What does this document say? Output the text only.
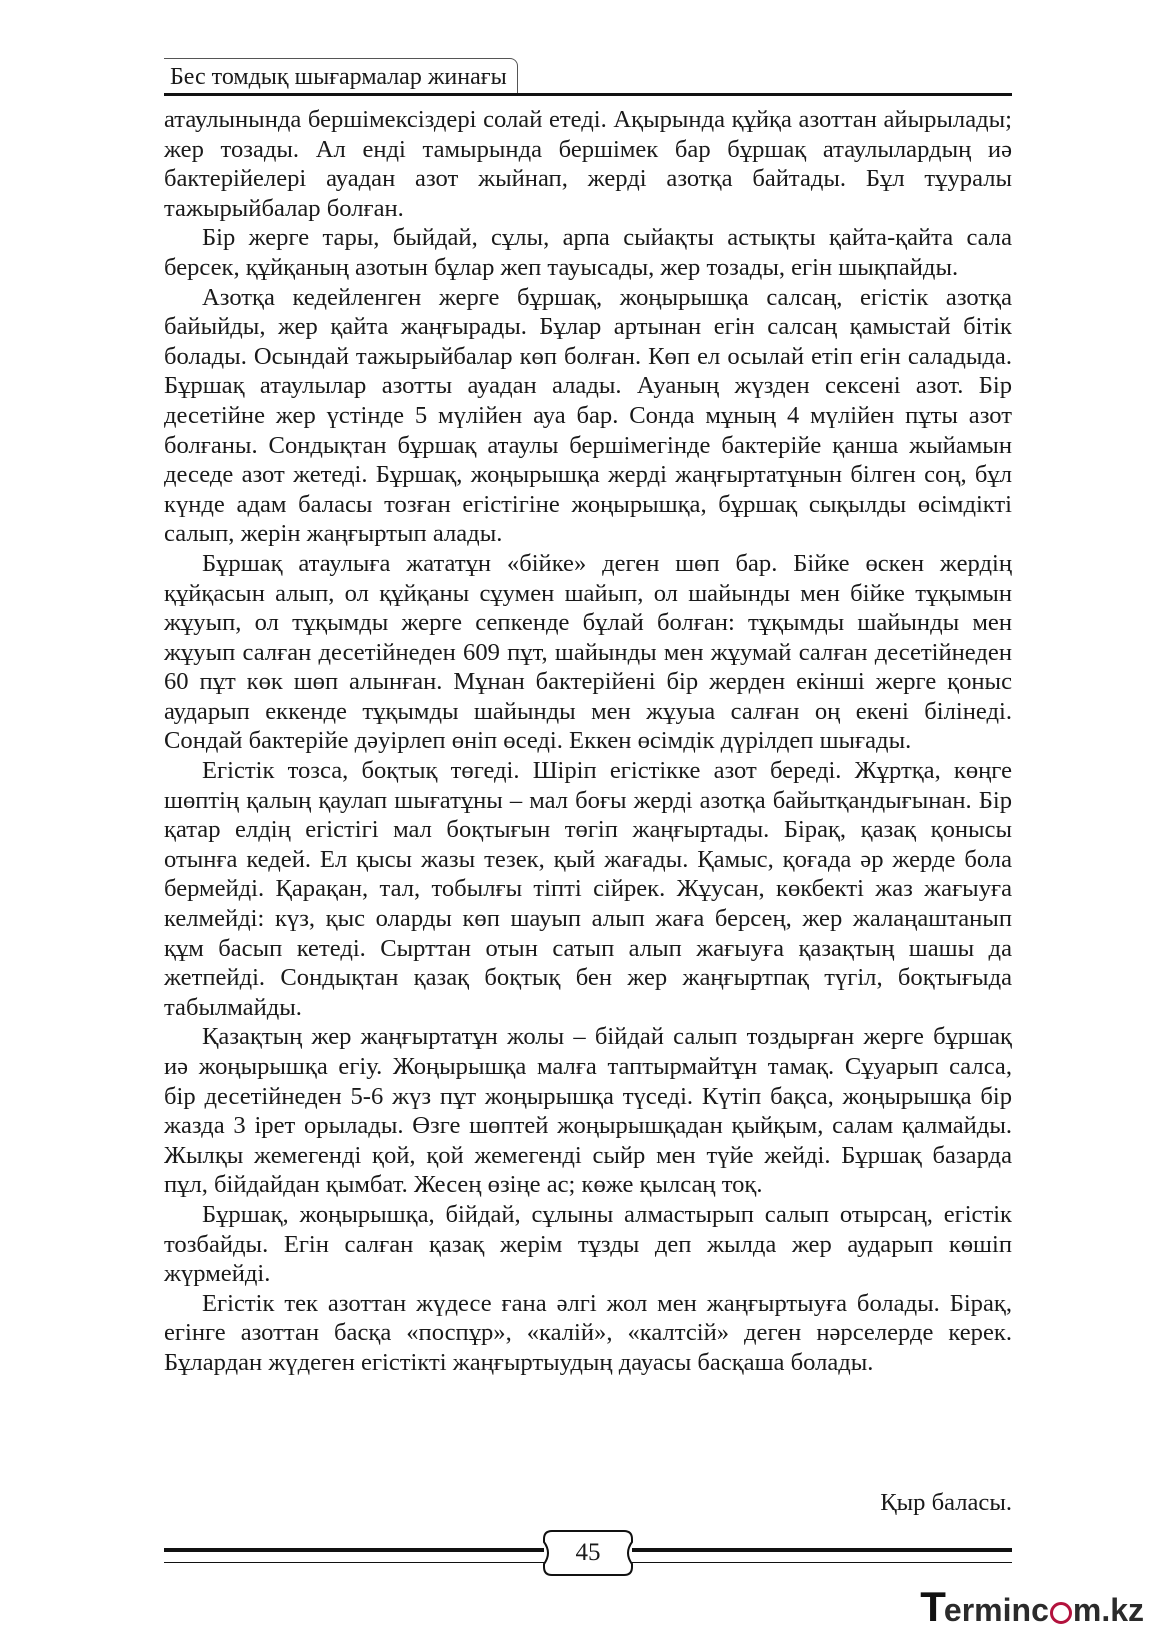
Бес томдық шығармалар жинағы

атаулынында бершімексіздері солай етеді. Ақырында құйқа азоттан айырылады; жер тозады. Ал енді тамырында бершімек бар бұршақ атаулылардың иә бактерійелері ауадан азот жыйнап, жерді азотқа байтады. Бұл тұуралы тажырыйбалар болған.

Бір жерге тары, быйдай, сұлы, арпа сыйақты астықты қайта-қайта сала берсек, құйқаның азотын бұлар жеп тауысады, жер тозады, егін шықпайды.

Азотқа кедейленген жерге бұршақ, жоңырышқа салсаң, егістік азотқа байыйды, жер қайта жаңғырады. Бұлар артынан егін салсаң қамыстай бітік болады. Осындай тажырыйбалар көп болған. Көп ел осылай етіп егін саладыда. Бұршақ атаулылар азотты ауадан алады. Ауаның жүзден сексені азот. Бір десетійне жер үстінде 5 мүлійен ауа бар. Сонда мұның 4 мүлійен пұты азот болғаны. Сондықтан бұршақ атаулы бершімегінде бактерійе қанша жыйамын деседе азот жетеді. Бұршақ, жоңырышқа жерді жаңғыртатұнын білген соң, бұл күнде адам баласы тозған егістігіне жоңырышқа, бұршақ сықылды өсімдікті салып, жерін жаңғыртып алады.

Бұршақ атаулыға жататұн «бійке» деген шөп бар. Бійке өскен жердің құйқасын алып, ол құйқаны сұумен шайып, ол шайынды мен бійке тұқымын жұуып, ол тұқымды жерге сепкенде бұлай болған: тұқымды шайынды мен жұуып салған десетійнеден 609 пұт, шайынды мен жұумай салған десетійнеден 60 пұт көк шөп алынған. Мұнан бактерійені бір жерден екінші жерге қоныс аударып еккенде тұқымды шайынды мен жұуыа салған оң екені білінеді. Сондай бактерійе дәуірлеп өніп өседі. Еккен өсімдік дүрілдеп шығады.

Егістік тозса, боқтық төгеді. Шіріп егістікке азот береді. Жұртқа, көңге шөптің қалың қаулап шығатұны – мал боғы жерді азотқа байытқандығынан. Бір қатар елдің егістігі мал боқтығын төгіп жаңғыртады. Бірақ, қазақ қонысы отынға кедей. Ел қысы жазы тезек, қый жағады. Қамыс, қоғада әр жерде бола бермейді. Қарақан, тал, тобылғы тіпті сійрек. Жұусан, көкбекті жаз жағыуға келмейді: күз, қыс оларды көп шауып алып жаға берсең, жер жалаңаштанып құм басып кетеді. Сырттан отын сатып алып жағыуға қазақтың шашы да жетпейді. Сондықтан қазақ боқтық бен жер жаңғыртпақ түгіл, боқтығыда табылмайды.

Қазақтың жер жаңғыртатұн жолы – бійдай салып тоздырған жерге бұршақ иә жоңырышқа егіу. Жоңырышқа малға таптырмайтұн тамақ. Сұуарып салса, бір десетійнеден 5-6 жүз пұт жоңырышқа түседі. Күтіп бақса, жоңырышқа бір жазда 3 ірет орылады. Өзге шөптей жоңырышқадан қыйқым, салам қалмайды. Жылқы жемегенді қой, қой жемегенді сыйр мен түйе жейді. Бұршақ базарда пұл, бійдайдан қымбат. Жесең өзіңе ас; көже қылсаң тоқ.

Бұршақ, жоңырышқа, бійдай, сұлыны алмастырып салып отырсаң, егістік тозбайды. Егін салған қазақ жерім тұзды деп жылда жер аударып көшіп жүрмейді.

Егістік тек азоттан жүдесе ғана әлгі жол мен жаңғыртыуға болады. Бірақ, егінге азоттан басқа «поспұр», «калій», «калтсій» деген нәрселерде керек. Бұлардан жүдеген егістікті жаңғыртыудың дауасы басқаша болады.

Қыр баласы.
45
Terminc m.kz
